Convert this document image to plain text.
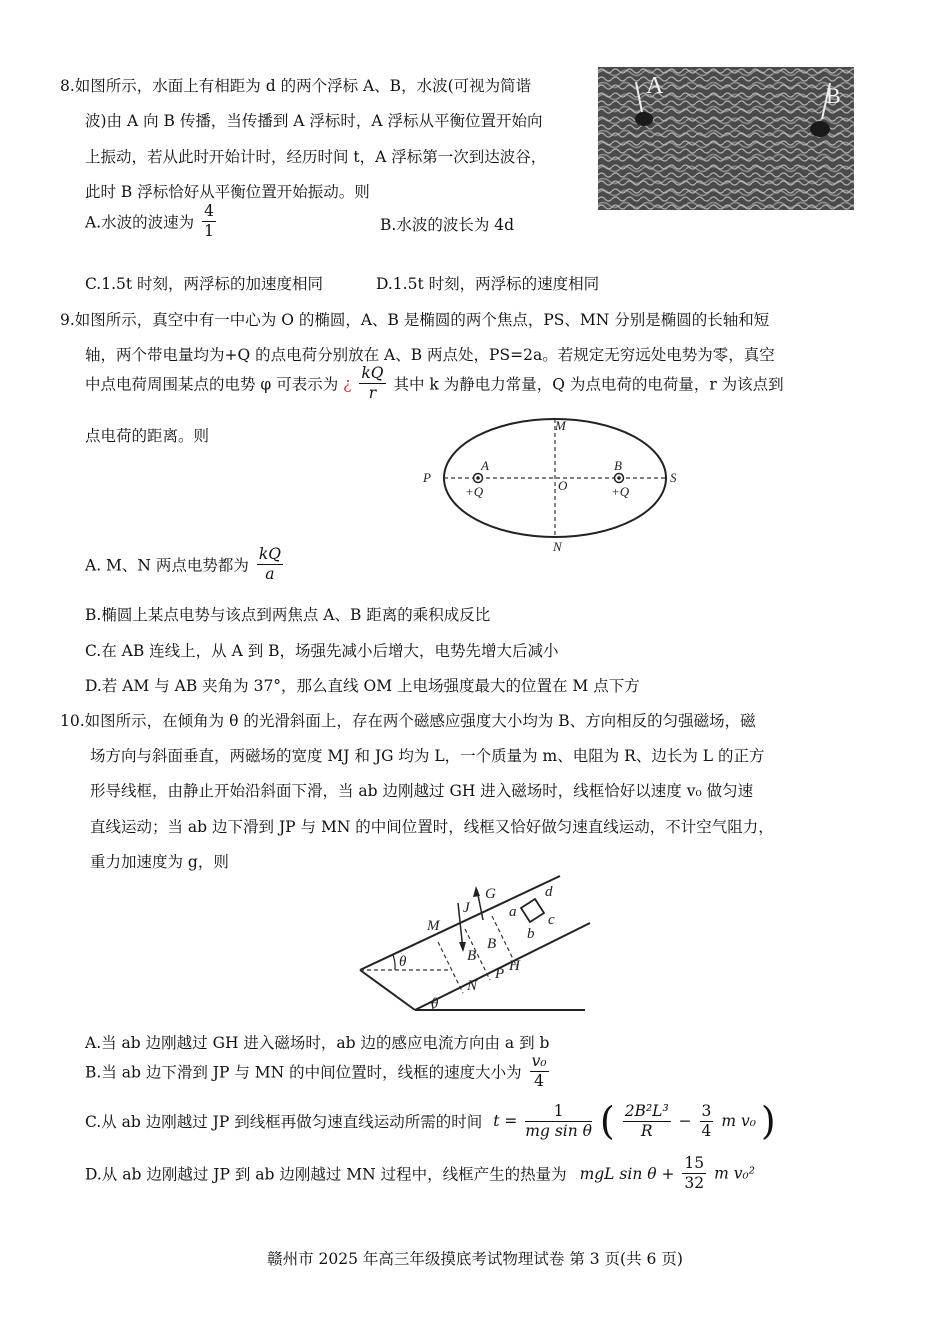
8.如图所示，水面上有相距为 d 的两个浮标 A、B，水波(可视为简谐
波)由 A 向 B 传播，当传播到 A 浮标时，A 浮标从平衡位置开始向
上振动，若从此时开始计时，经历时间 t，A 浮标第一次到达波谷，
此时 B 浮标恰好从平衡位置开始振动。则
A	B
A.水波的波速为 $\frac{4}{1}$	B.水波的波长为 4d
C.1.5t 时刻，两浮标的加速度相同	D.1.5t 时刻，两浮标的速度相同
9.如图所示，真空中有一中心为 O 的椭圆，A、B 是椭圆的两个焦点，PS、MN 分别是椭圆的长轴和短
轴，两个带电量均为+Q 的点电荷分别放在 A、B 两点处，PS=2a。若规定无穷远处电势为零，真空
中点电荷周围某点的电势 φ 可表示为 ¿ $\frac{kQ}{r}$ 其中 k 为静电力常量，Q 为点电荷的电荷量，r 为该点到
点电荷的距离。则
M
N
P	S
O
A	B
+Q	+Q
A. M、N 两点电势都为 $\frac{kQ}{a}$
B.椭圆上某点电势与该点到两焦点 A、B 距离的乘积成反比
C.在 AB 连线上，从 A 到 B，场强先减小后增大，电势先增大后减小
D.若 AM 与 AB 夹角为 37°，那么直线 OM 上电场强度最大的位置在 M 点下方
10.如图所示，在倾角为 θ 的光滑斜面上，存在两个磁感应强度大小均为 B、方向相反的匀强磁场，磁
场方向与斜面垂直，两磁场的宽度 MJ 和 JG 均为 L，一个质量为 m、电阻为 R、边长为 L 的正方
形导线框，由静止开始沿斜面下滑，当 ab 边刚越过 GH 进入磁场时，线框恰好以速度 v₀ 做匀速
直线运动；当 ab 边下滑到 JP 与 MN 的中间位置时，线框又恰好做匀速直线运动，不计空气阻力，
重力加速度为 g，则
G
J
M
N
P H
B
B
a
b
c
d
θ
θ
A.当 ab 边刚越过 GH 进入磁场时，ab 边的感应电流方向由 a 到 b
B.当 ab 边下滑到 JP 与 MN 的中间位置时，线框的速度大小为 $\frac{\text{v₀}}{4}$
C.从 ab 边刚越过 JP 到线框再做匀速直线运动所需的时间 $t = \frac{1}{\text{mg sin θ}}$ ( $\frac{\text{2B²L³}}{R} - \frac{3}{4}$ m v₀ )
D.从 ab 边刚越过 JP 到 ab 边刚越过 MN 过程中，线框产生的热量为 mgL $\sin \theta + \frac{15}{32}$ m v₀²
赣州市 2025 年高三年级摸底考试物理试卷 第 3 页(共 6 页)
